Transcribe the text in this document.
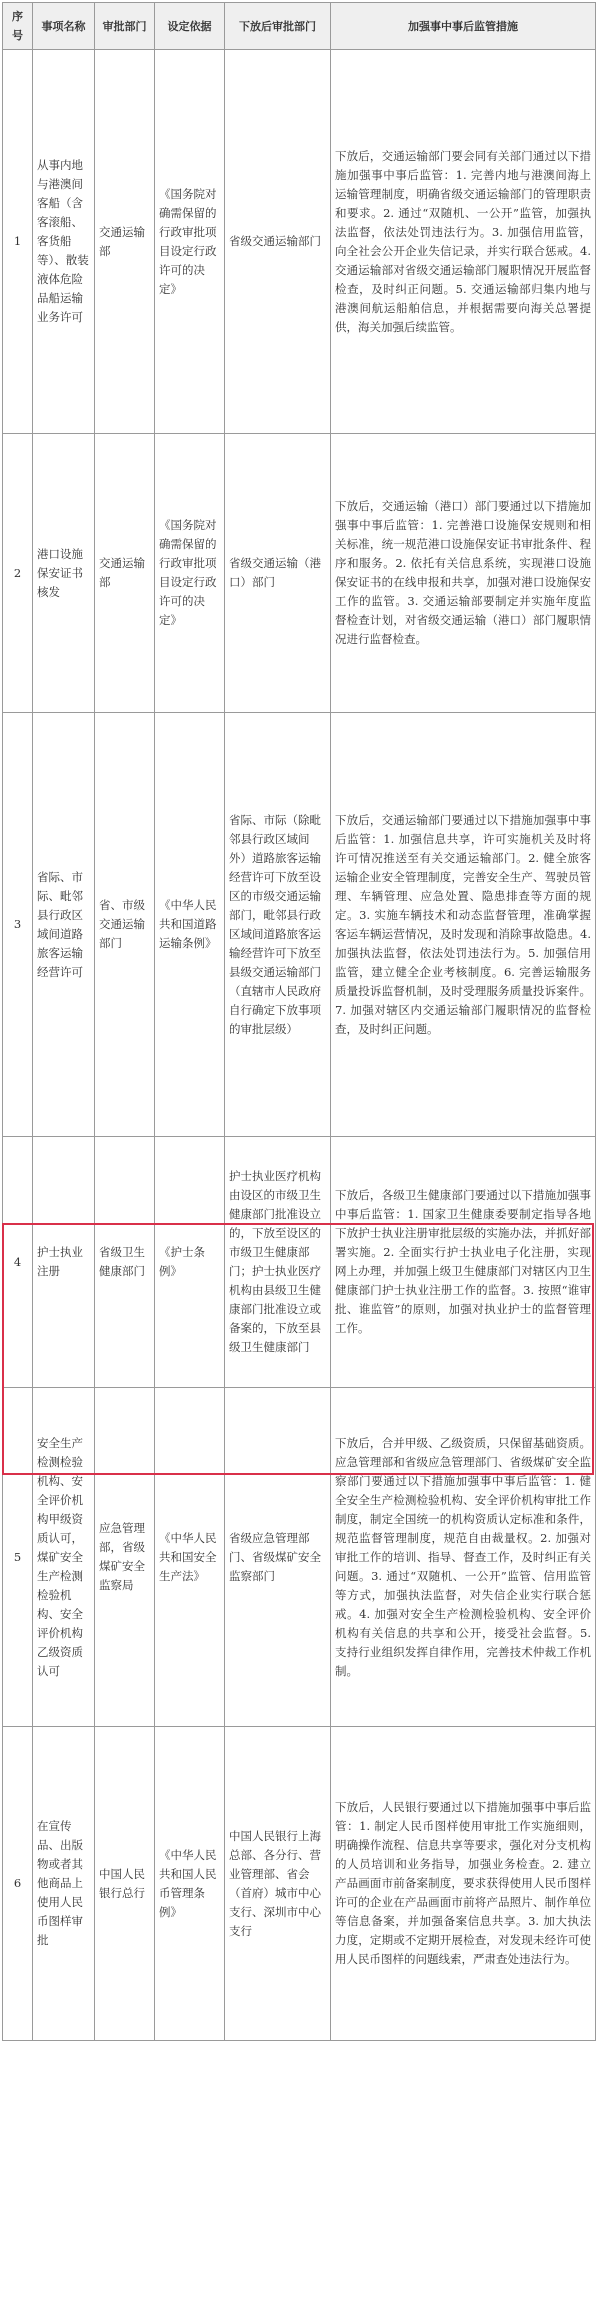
序号	事项名称	审批部门	设定依据	下放后审批部门	加强事中事后监管措施
1	从事内地与港澳间客船（含客滚船、客货船等）、散装液体危险品船运输业务许可	交通运输部	《国务院对确需保留的行政审批项目设定行政许可的决定》	省级交通运输部门	下放后，交通运输部门要会同有关部门通过以下措施加强事中事后监管：1. 完善内地与港澳间海上运输管理制度，明确省级交通运输部门的管理职责和要求。2. 通过“双随机、一公开”监管，加强执法监督，依法处罚违法行为。3. 加强信用监管，向全社会公开企业失信记录，并实行联合惩戒。4. 交通运输部对省级交通运输部门履职情况开展监督检查，及时纠正问题。5. 交通运输部归集内地与港澳间航运船舶信息，并根据需要向海关总署提供，海关加强后续监管。
2	港口设施保安证书核发	交通运输部	《国务院对确需保留的行政审批项目设定行政许可的决定》	省级交通运输（港口）部门	下放后，交通运输（港口）部门要通过以下措施加强事中事后监管：1. 完善港口设施保安规则和相关标准，统一规范港口设施保安证书审批条件、程序和服务。2. 依托有关信息系统，实现港口设施保安证书的在线申报和共享，加强对港口设施保安工作的监管。3. 交通运输部要制定并实施年度监督检查计划，对省级交通运输（港口）部门履职情况进行监督检查。
3	省际、市际、毗邻县行政区域间道路旅客运输经营许可	省、市级交通运输部门	《中华人民共和国道路运输条例》	省际、市际（除毗邻县行政区域间外）道路旅客运输经营许可下放至设区的市级交通运输部门，毗邻县行政区域间道路旅客运输经营许可下放至县级交通运输部门（直辖市人民政府自行确定下放事项的审批层级）	下放后，交通运输部门要通过以下措施加强事中事后监管：1. 加强信息共享，许可实施机关及时将许可情况推送至有关交通运输部门。2. 健全旅客运输企业安全管理制度，完善安全生产、驾驶员管理、车辆管理、应急处置、隐患排查等方面的规定。3. 实施车辆技术和动态监督管理，准确掌握客运车辆运营情况，及时发现和消除事故隐患。4. 加强执法监督，依法处罚违法行为。5. 加强信用监管，建立健全企业考核制度。6. 完善运输服务质量投诉监督机制，及时受理服务质量投诉案件。7. 加强对辖区内交通运输部门履职情况的监督检查，及时纠正问题。
4	护士执业注册	省级卫生健康部门	《护士条例》	护士执业医疗机构由设区的市级卫生健康部门批准设立的，下放至设区的市级卫生健康部门；护士执业医疗机构由县级卫生健康部门批准设立或备案的，下放至县级卫生健康部门	下放后，各级卫生健康部门要通过以下措施加强事中事后监管：1. 国家卫生健康委要制定指导各地下放护士执业注册审批层级的实施办法，并抓好部署实施。2. 全面实行护士执业电子化注册，实现网上办理，并加强上级卫生健康部门对辖区内卫生健康部门护士执业注册工作的监督。3. 按照“谁审批、谁监管”的原则，加强对执业护士的监督管理工作。
5	安全生产检测检验机构、安全评价机构甲级资质认可，煤矿安全生产检测检验机构、安全评价机构乙级资质认可	应急管理部，省级煤矿安全监察局	《中华人民共和国安全生产法》	省级应急管理部门、省级煤矿安全监察部门	下放后，合并甲级、乙级资质，只保留基础资质。应急管理部和省级应急管理部门、省级煤矿安全监察部门要通过以下措施加强事中事后监管：1. 健全安全生产检测检验机构、安全评价机构审批工作制度，制定全国统一的机构资质认定标准和条件，规范监督管理制度，规范自由裁量权。2. 加强对审批工作的培训、指导、督查工作，及时纠正有关问题。3. 通过“双随机、一公开”监管、信用监管等方式，加强执法监督，对失信企业实行联合惩戒。4. 加强对安全生产检测检验机构、安全评价机构有关信息的共享和公开，接受社会监督。5. 支持行业组织发挥自律作用，完善技术仲裁工作机制。
6	在宣传品、出版物或者其他商品上使用人民币图样审批	中国人民银行总行	《中华人民共和国人民币管理条例》	中国人民银行上海总部、各分行、营业管理部、省会（首府）城市中心支行、深圳市中心支行	下放后，人民银行要通过以下措施加强事中事后监管：1. 制定人民币图样使用审批工作实施细则，明确操作流程、信息共享等要求，强化对分支机构的人员培训和业务指导，加强业务检查。2. 建立产品画面市前备案制度，要求获得使用人民币图样许可的企业在产品画面市前将产品照片、制作单位等信息备案，并加强备案信息共享。3. 加大执法力度，定期或不定期开展检查，对发现未经许可使用人民币图样的问题线索，严肃查处违法行为。
